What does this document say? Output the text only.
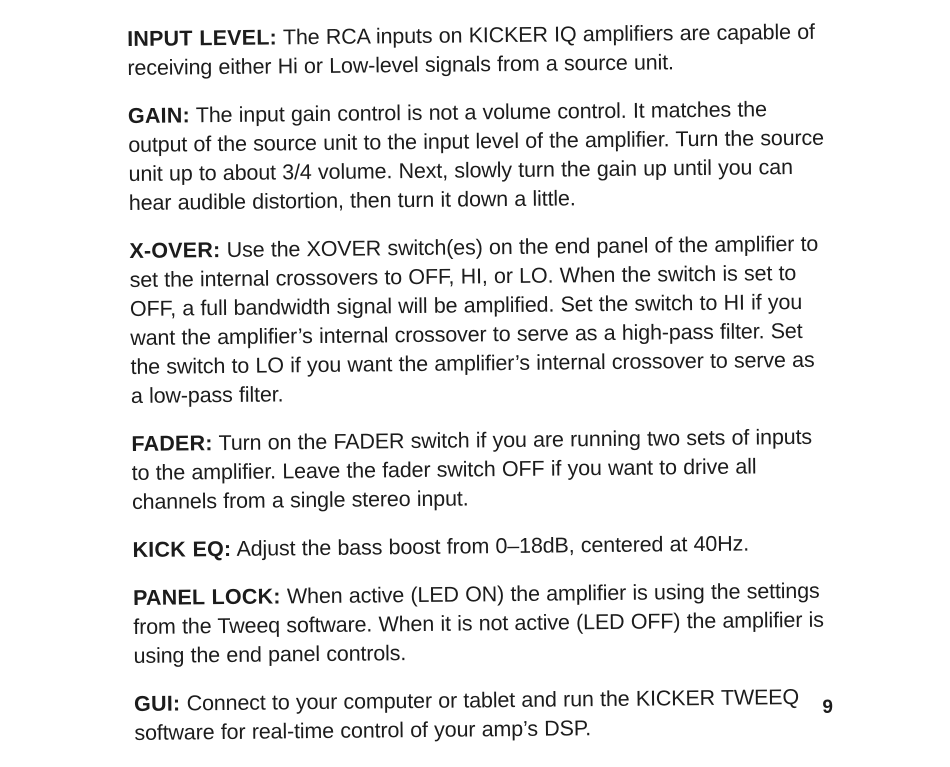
INPUT LEVEL: The RCA inputs on KICKER IQ amplifiers are capable of receiving either Hi or Low-level signals from a source unit.

GAIN: The input gain control is not a volume control. It matches the output of the source unit to the input level of the amplifier. Turn the source unit up to about 3/4 volume. Next, slowly turn the gain up until you can hear audible distortion, then turn it down a little.

X-OVER: Use the XOVER switch(es) on the end panel of the amplifier to set the internal crossovers to OFF, HI, or LO. When the switch is set to OFF, a full bandwidth signal will be amplified. Set the switch to HI if you want the amplifier’s internal crossover to serve as a high-pass filter. Set the switch to LO if you want the amplifier’s internal crossover to serve as a low-pass filter.

FADER: Turn on the FADER switch if you are running two sets of inputs to the amplifier. Leave the fader switch OFF if you want to drive all channels from a single stereo input.

KICK EQ: Adjust the bass boost from 0–18dB, centered at 40Hz.

PANEL LOCK: When active (LED ON) the amplifier is using the settings from the Tweeq software. When it is not active (LED OFF) the amplifier is using the end panel controls.

GUI: Connect to your computer or tablet and run the KICKER TWEEQ software for real-time control of your amp’s DSP.

9
